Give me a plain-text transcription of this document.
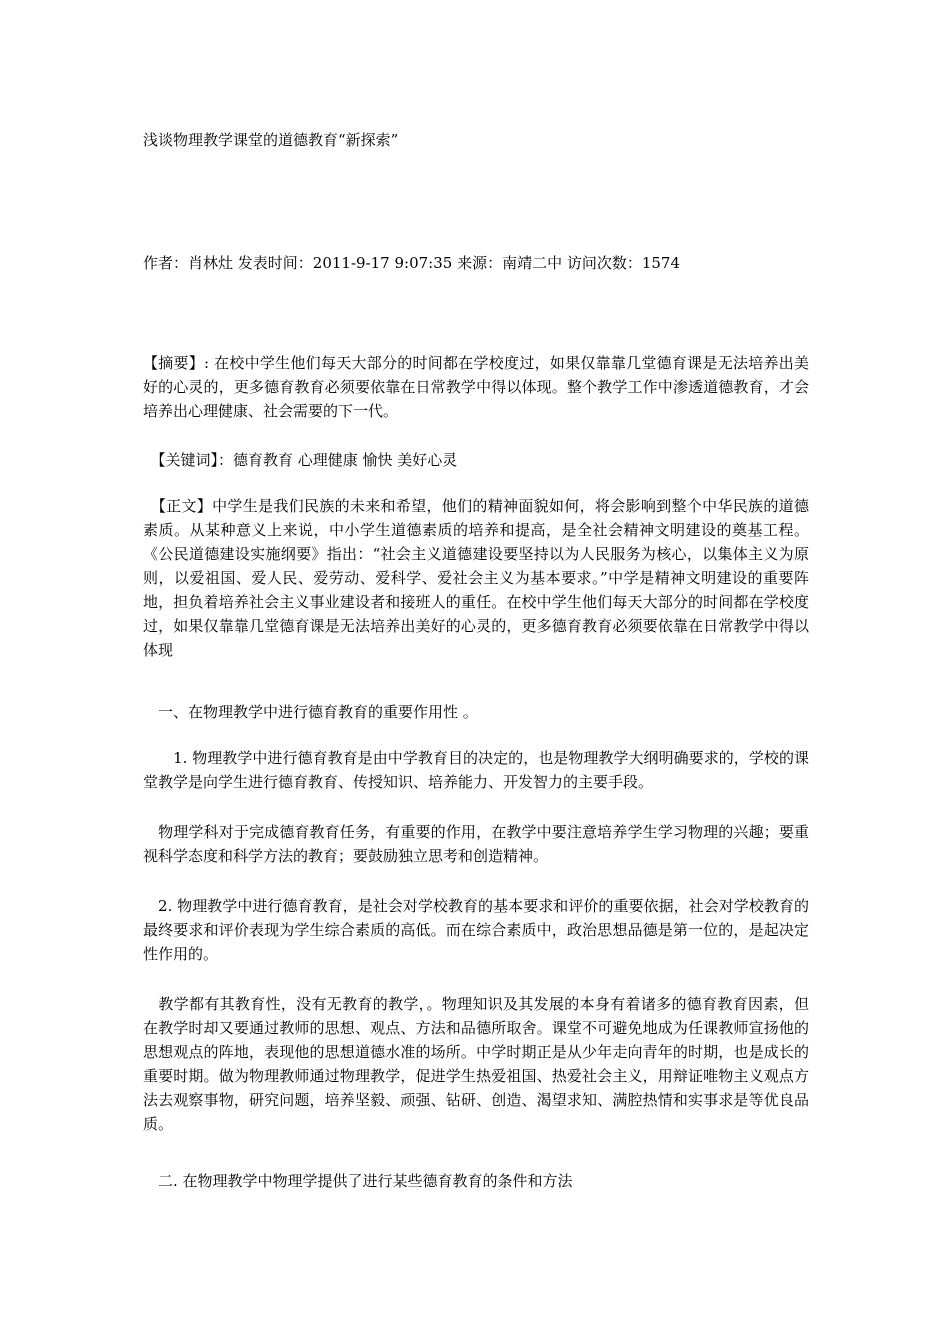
浅谈物理教学课堂的道德教育“新探索”
作者：肖林灶 发表时间：2011-9-17 9:07:35 来源：南靖二中 访问次数：1574

【摘要】: 在校中学生他们每天大部分的时间都在学校度过，如果仅靠靠几堂德育课是无法培养出美好的心灵的，更多德育教育必须要依靠在日常教学中得以体现。整个教学工作中渗透道德教育，才会培养出心理健康、社会需要的下一代。

　【关键词】：德育教育 心理健康 愉快 美好心灵

　【正文】中学生是我们民族的未来和希望，他们的精神面貌如何，将会影响到整个中华民族的道德素质。从某种意义上来说，中小学生道德素质的培养和提高，是全社会精神文明建设的奠基工程。《公民道德建设实施纲要》指出：“社会主义道德建设要坚持以为人民服务为核心，以集体主义为原则，以爱祖国、爱人民、爱劳动、爱科学、爱社会主义为基本要求。”中学是精神文明建设的重要阵地，担负着培养社会主义事业建设者和接班人的重任。在校中学生他们每天大部分的时间都在学校度过，如果仅靠靠几堂德育课是无法培养出美好的心灵的，更多德育教育必须要依靠在日常教学中得以体现

　一、在物理教学中进行德育教育的重要作用性 。

　　1. 物理教学中进行德育教育是由中学教育目的决定的，也是物理教学大纲明确要求的，学校的课堂教学是向学生进行德育教育、传授知识、培养能力、开发智力的主要手段。

　物理学科对于完成德育教育任务，有重要的作用，在教学中要注意培养学生学习物理的兴趣；要重视科学态度和科学方法的教育；要鼓励独立思考和创造精神。

　2. 物理教学中进行德育教育，是社会对学校教育的基本要求和评价的重要依据，社会对学校教育的最终要求和评价表现为学生综合素质的高低。而在综合素质中，政治思想品德是第一位的，是起决定性作用的。

　教学都有其教育性，没有无教育的教学，。物理知识及其发展的本身有着诸多的德育教育因素，但在教学时却又要通过教师的思想、观点、方法和品德所取舍。课堂不可避免地成为任课教师宣扬他的思想观点的阵地，表现他的思想道德水准的场所。中学时期正是从少年走向青年的时期，也是成长的重要时期。做为物理教师通过物理教学，促进学生热爱祖国、热爱社会主义，用辩证唯物主义观点方法去观察事物，研究问题，培养坚毅、顽强、钻研、创造、渴望求知、满腔热情和实事求是等优良品质。

　二. 在物理教学中物理学提供了进行某些德育教育的条件和方法
